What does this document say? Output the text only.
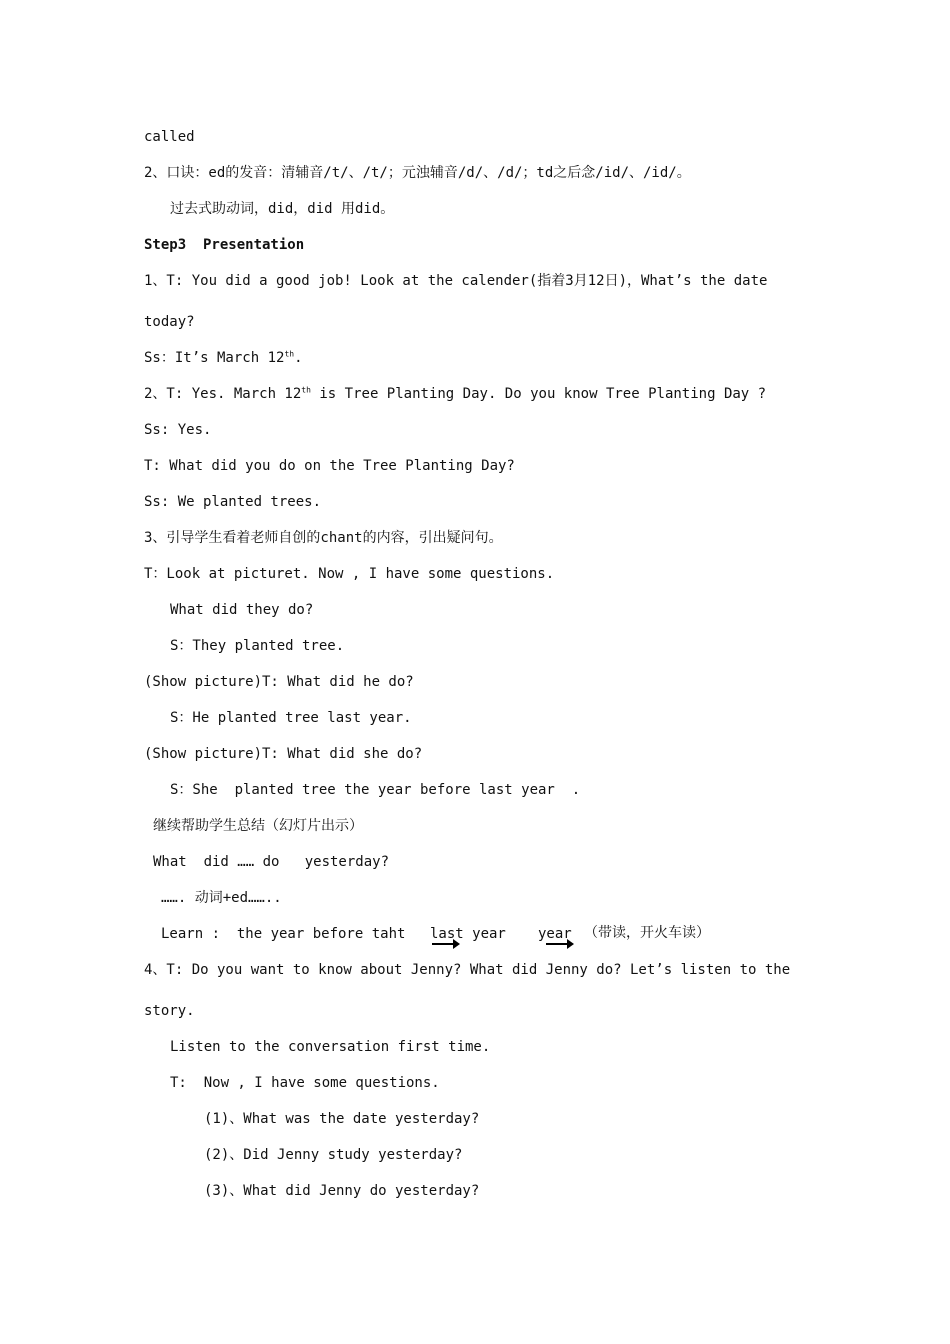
called
2、口诀：ed的发音：清辅音/t/、/t/；元浊辅音/d/、/d/；td之后念/id/、/id/。
过去式助动词，did，did 用did。
Step3  Presentation
1、T: You did a good job! Look at the calender(指着3月12日)，What’s the date
today?
Ss：It’s March 12th.
2、T: Yes. March 12th is Tree Planting Day. Do you know Tree Planting Day ?
Ss: Yes.
T: What did you do on the Tree Planting Day?
Ss: We planted trees.
3、引导学生看着老师自创的chant的内容，引出疑问句。
T：Look at picturet. Now , I have some questions.
What did they do?
S：They planted tree.
(Show picture)T: What did he do?
S：He planted tree last year.
(Show picture)T: What did she do?
S：She  planted tree the year before last year  .
继续帮助学生总结（幻灯片出示）
What  did …… do   yesterday?
……. 动词+ed……..
Learn :  the year before taht last year year （带读，开火车读）
4、T: Do you want to know about Jenny? What did Jenny do? Let’s listen to the
story.
Listen to the conversation first time.
T:  Now , I have some questions.
(1)、What was the date yesterday?
(2)、Did Jenny study yesterday?
(3)、What did Jenny do yesterday?
